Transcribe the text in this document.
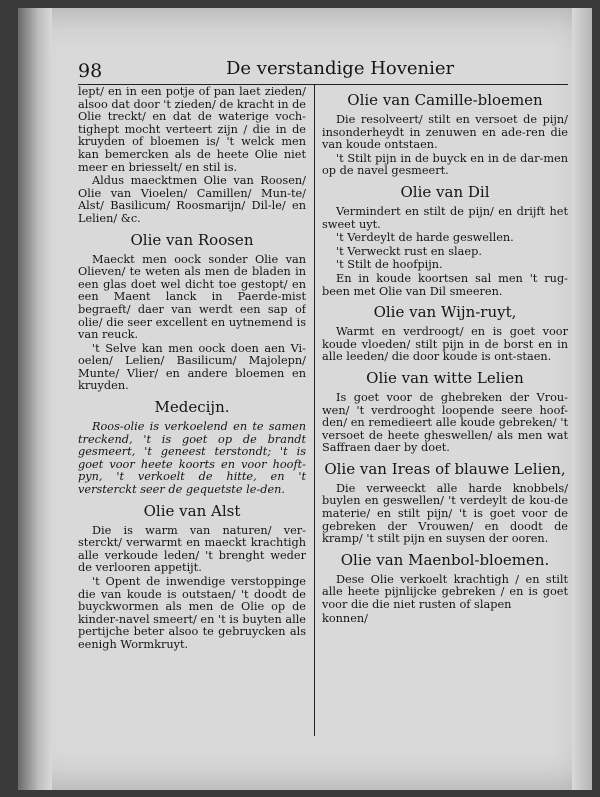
98	De verstandige Hovenier

lept/ en in een potje of pan laet zieden/ alsoo dat door 't zieden/ de kracht in de Olie treckt/ en dat de waterige voch-tighept mocht verteert zijn / die in de kruyden of bloemen is/ 't welck men kan bemercken als de heete Olie niet meer en briesselt/ en stil is.

Aldus maecktmen Olie van Roosen/ Olie van Vioelen/ Camillen/ Mun-te/ Alst/ Basilicum/ Roosmarijn/ Dil-le/ en Lelien/ &c.

Olie van Roosen

Maeckt men oock sonder Olie van Olieven/ te weten als men de bladen in een glas doet wel dicht toe gestopt/ en een Maent lanck in Paerde-mist begraeft/ daer van werdt een sap of olie/ die seer excellent en uytnemend is van reuck.

't Selve kan men oock doen aen Vi-oelen/ Lelien/ Basilicum/ Majolepn/ Munte/ Vlier/ en andere bloemen en kruyden.

Medecijn.

Roos-olie is verkoelend en te samen treckend, 't is goet op de brandt gesmeert, 't geneest terstondt; 't is goet voor heete koorts en voor hooft-pyn, 't verkoelt de hitte, en 't versterckt seer de gequetste le-den.

Olie van Alst

Die is warm van naturen/ ver-sterckt/ verwarmt en maeckt krachtigh alle verkoude leden/ 't brenght weder de verlooren appetijt.

't Opent de inwendige verstoppinge die van koude is outstaen/ 't doodt de buyckwormen als men de Olie op de kinder-navel smeert/ en 't is buyten alle pertijche beter alsoo te gebruycken als eenigh Wormkruyt.

Olie van Camille-bloemen

Die resolveert/ stilt en versoet de pijn/ insonderheydt in zenuwen en ade-ren die van koude ontstaen.

't Stilt pijn in de buyck en in de dar-men op de navel gesmeert.

Olie van Dil

Vermindert en stilt de pijn/ en drijft het sweet uyt.

't Verdeylt de harde geswellen.

't Verweckt rust en slaep.

't Stilt de hoofpijn.

En in koude koortsen sal men 't rug-been met Olie van Dil smeeren.

Olie van Wijn-ruyt,

Warmt en verdroogt/ en is goet voor koude vloeden/ stilt pijn in de borst en in alle leeden/ die door koude is ont-staen.

Olie van witte Lelien

Is goet voor de ghebreken der Vrou-wen/ 't verdrooght loopende seere hoof-den/ en remedieert alle koude gebreken/ 't versoet de heete gheswellen/ als men wat Saffraen daer by doet.

Olie van Ireas of blauwe Lelien,

Die verweeckt alle harde knobbels/ buylen en geswellen/ 't verdeylt de kou-de materie/ en stilt pijn/ 't is goet voor de gebreken der Vrouwen/ en doodt de kramp/ 't stilt pijn en suysen der ooren.

Olie van Maenbol-bloemen.

Dese Olie verkoelt krachtigh / en stilt alle heete pijnlijcke gebreken / en is goet voor die die niet rusten of slapen

konnen/
